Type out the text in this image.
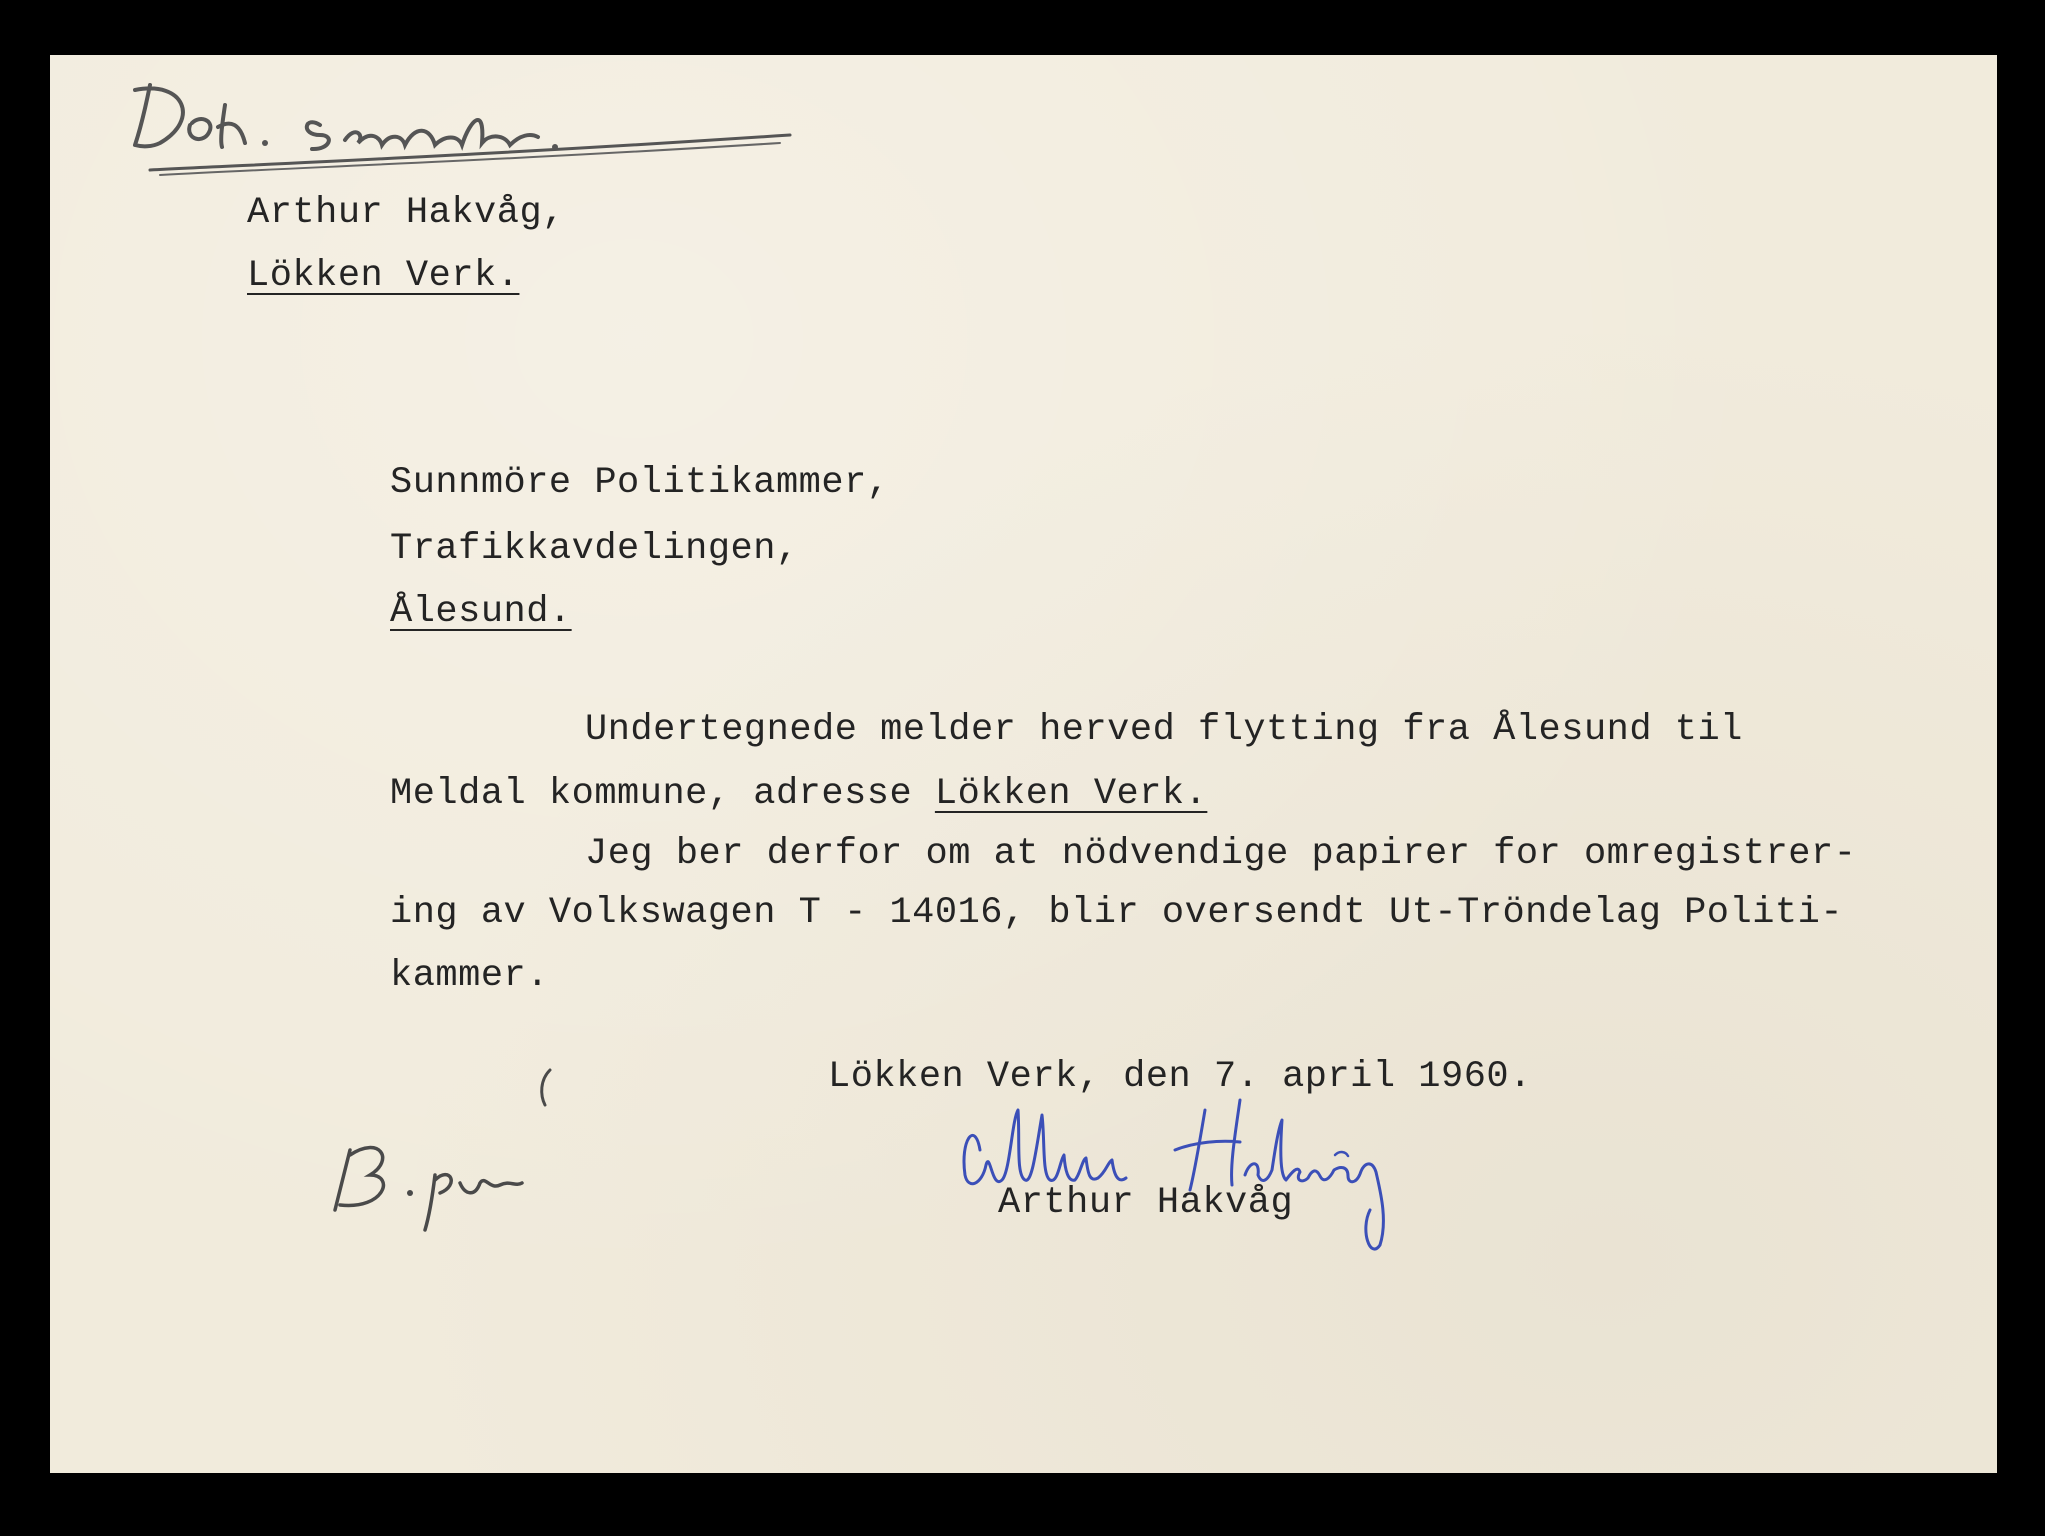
Arthur Hakvåg,
Lökken Verk.
Sunnmöre Politikammer,
Trafikkavdelingen,
Ålesund.
Undertegnede melder herved flytting fra Ålesund til
Meldal kommune, adresse Lökken Verk.
Jeg ber derfor om at nödvendige papirer for omregistrer-
ing av Volkswagen T - 14016, blir oversendt Ut-Tröndelag Politi-
kammer.
Lökken Verk, den 7. april 1960.
Arthur Hakvåg
